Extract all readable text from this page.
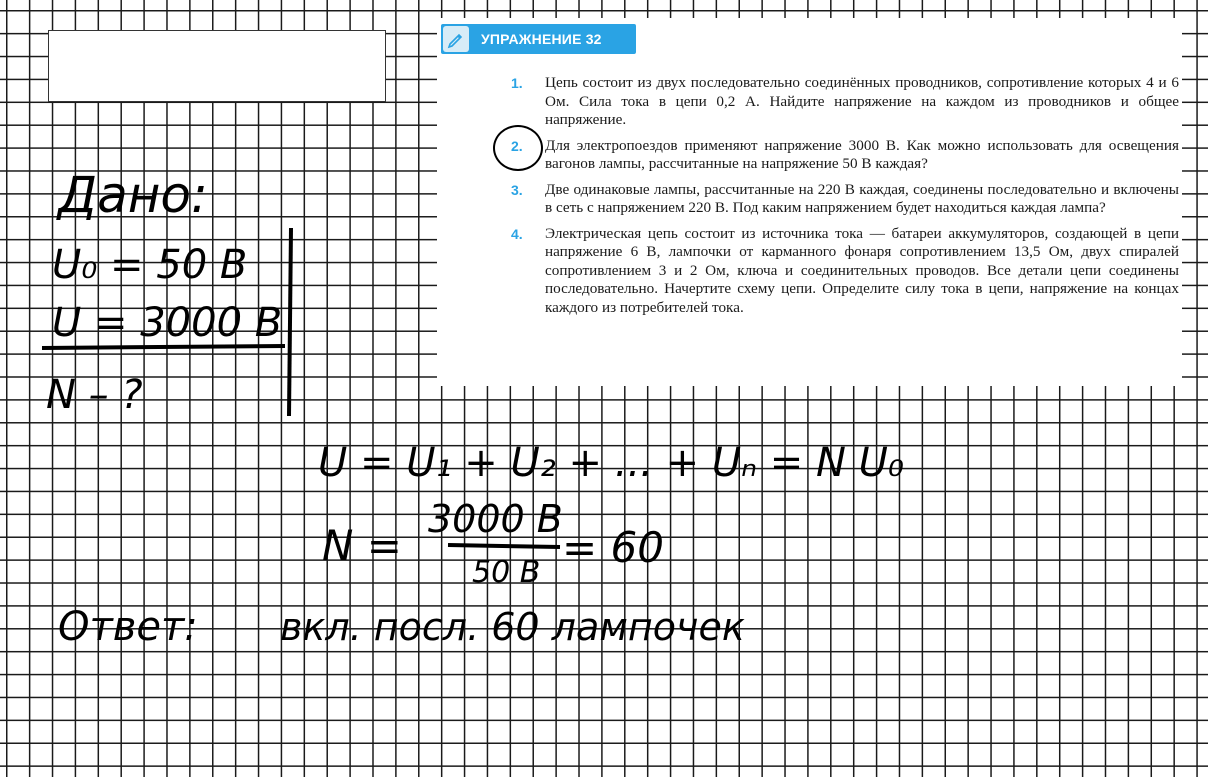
УПРАЖНЕНИЕ 32
1.	Цепь состоит из двух последовательно соединённых проводников, сопротивление которых 4 и 6 Ом. Сила тока в цепи 0,2 А. Найдите напряжение на каждом из проводников и общее напряжение.
2.	Для электропоездов применяют напряжение 3000 В. Как можно использовать для освещения вагонов лампы, рассчитанные на напряжение 50 В каждая?
3.	Две одинаковые лампы, рассчитанные на 220 В каждая, соединены последовательно и включены в сеть с напряжением 220 В. Под каким напряжением будет находиться каждая лампа?
4.	Электрическая цепь состоит из источника тока — батареи аккумуляторов, создающей в цепи напряжение 6 В, лампочки от карманного фонаря сопротивлением 13,5 Ом, двух спиралей сопротивлением 3 и 2 Ом, ключа и соединительных проводов. Все детали цепи соединены последовательно. Начертите схему цепи. Определите силу тока в цепи, напряжение на концах каждого из потребителей тока.
Дано:
U₀ = 50 В
U = 3000 В
N – ?
U = U₁ + U₂ + ... + Uₙ = N U₀
N =
3000 В
50 В
= 60
Ответ: вкл. посл. 60 лампочек
